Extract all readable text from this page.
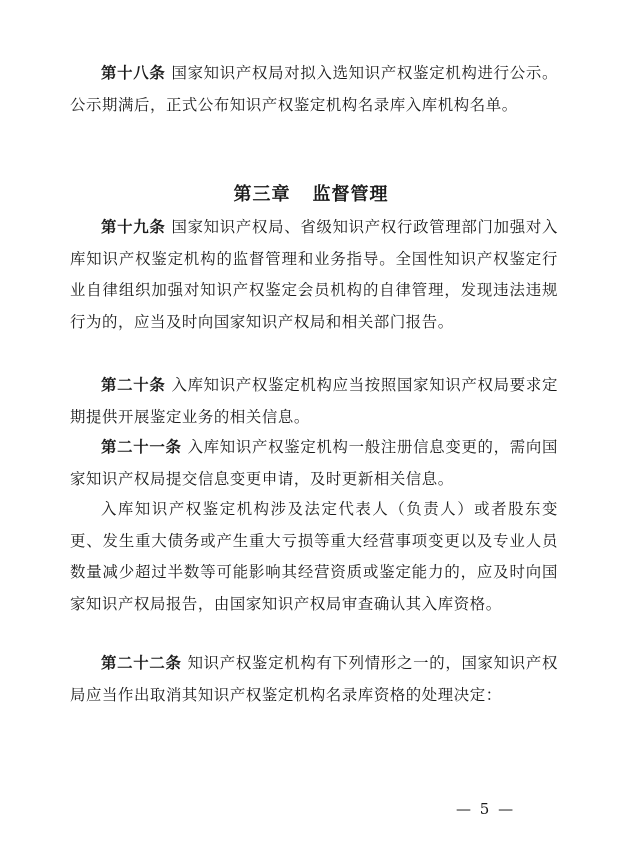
第十八条 国家知识产权局对拟入选知识产权鉴定机构进行公示。公示期满后，正式公布知识产权鉴定机构名录库入库机构名单。

第三章 监督管理

第十九条 国家知识产权局、省级知识产权行政管理部门加强对入库知识产权鉴定机构的监督管理和业务指导。全国性知识产权鉴定行业自律组织加强对知识产权鉴定会员机构的自律管理，发现违法违规行为的，应当及时向国家知识产权局和相关部门报告。

第二十条 入库知识产权鉴定机构应当按照国家知识产权局要求定期提供开展鉴定业务的相关信息。

第二十一条 入库知识产权鉴定机构一般注册信息变更的，需向国家知识产权局提交信息变更申请，及时更新相关信息。

入库知识产权鉴定机构涉及法定代表人（负责人）或者股东变更、发生重大债务或产生重大亏损等重大经营事项变更以及专业人员数量减少超过半数等可能影响其经营资质或鉴定能力的，应及时向国家知识产权局报告，由国家知识产权局审查确认其入库资格。

第二十二条 知识产权鉴定机构有下列情形之一的，国家知识产权局应当作出取消其知识产权鉴定机构名录库资格的处理决定：

— 5 —
